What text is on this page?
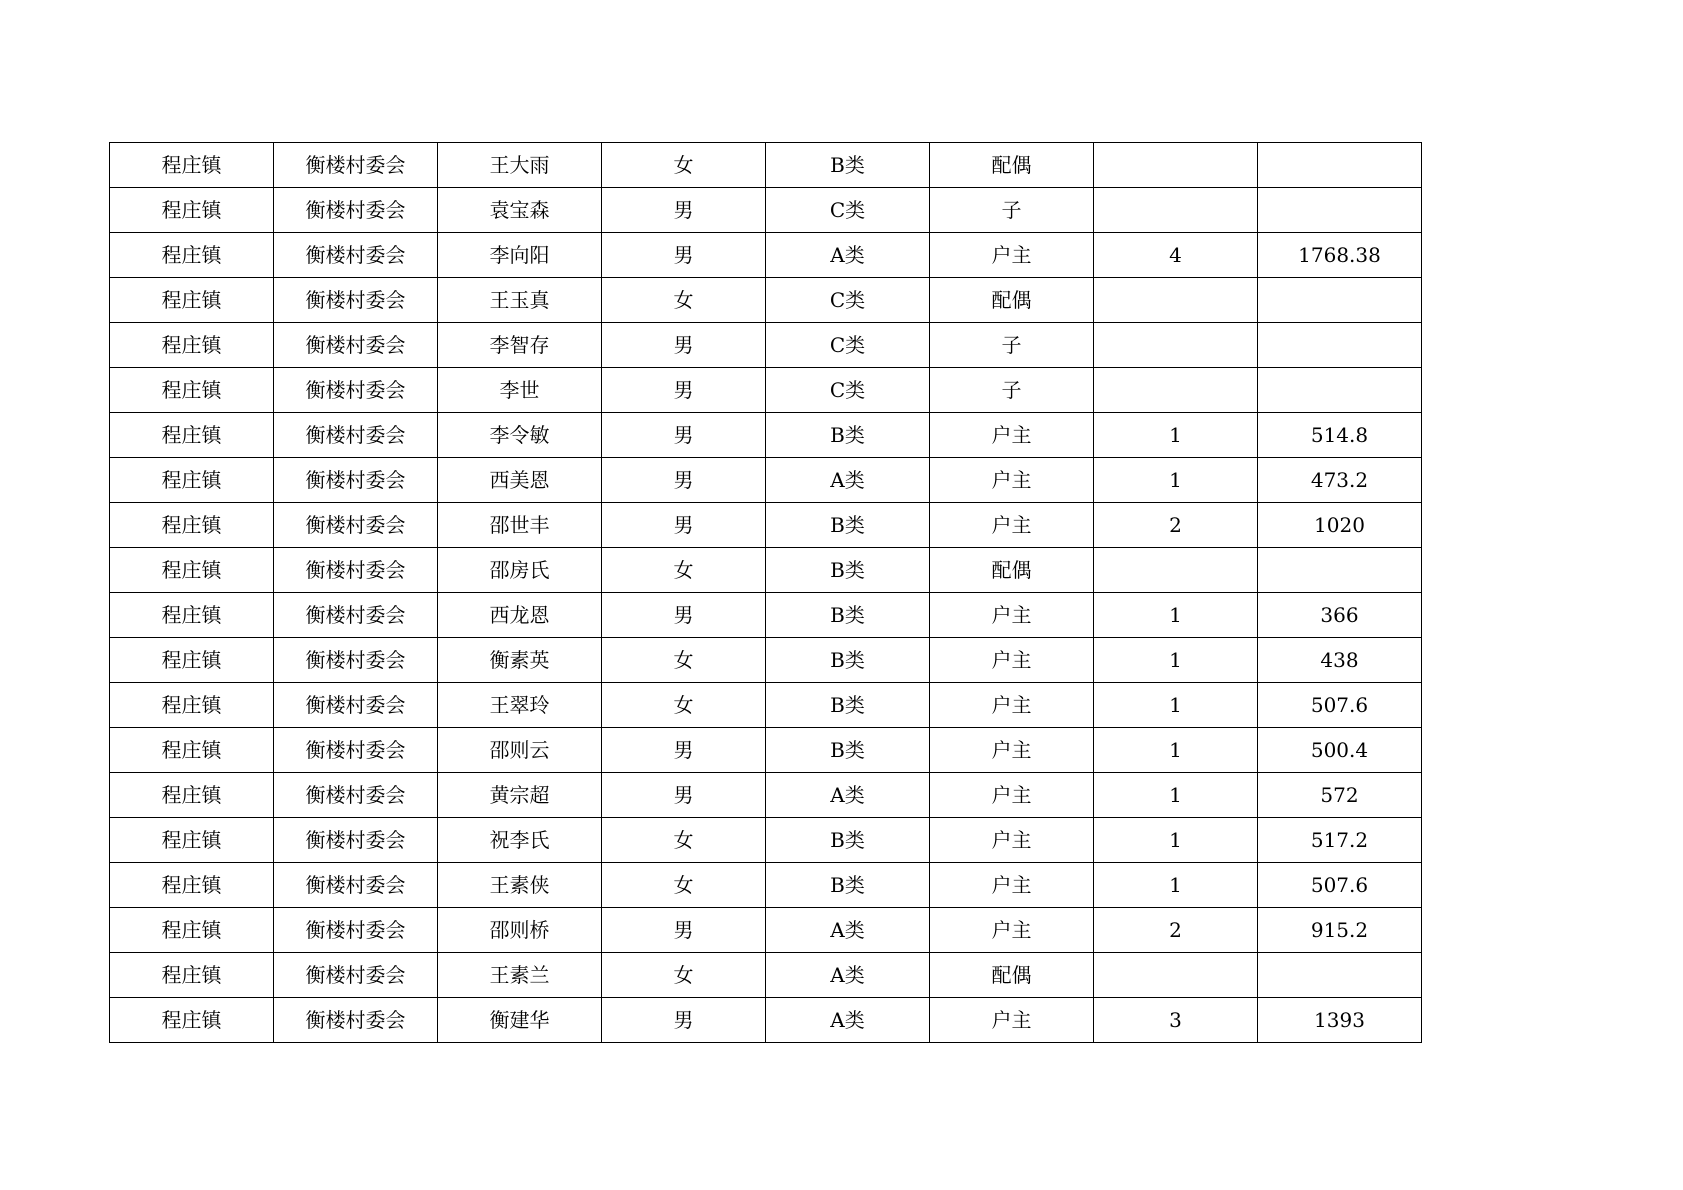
程庄镇	衡楼村委会	王大雨	女	B类	配偶		
程庄镇	衡楼村委会	袁宝森	男	C类	子		
程庄镇	衡楼村委会	李向阳	男	A类	户主	4	1768.38
程庄镇	衡楼村委会	王玉真	女	C类	配偶		
程庄镇	衡楼村委会	李智存	男	C类	子		
程庄镇	衡楼村委会	李世	男	C类	子		
程庄镇	衡楼村委会	李令敏	男	B类	户主	1	514.8
程庄镇	衡楼村委会	西美恩	男	A类	户主	1	473.2
程庄镇	衡楼村委会	邵世丰	男	B类	户主	2	1020
程庄镇	衡楼村委会	邵房氏	女	B类	配偶		
程庄镇	衡楼村委会	西龙恩	男	B类	户主	1	366
程庄镇	衡楼村委会	衡素英	女	B类	户主	1	438
程庄镇	衡楼村委会	王翠玲	女	B类	户主	1	507.6
程庄镇	衡楼村委会	邵则云	男	B类	户主	1	500.4
程庄镇	衡楼村委会	黄宗超	男	A类	户主	1	572
程庄镇	衡楼村委会	祝李氏	女	B类	户主	1	517.2
程庄镇	衡楼村委会	王素侠	女	B类	户主	1	507.6
程庄镇	衡楼村委会	邵则桥	男	A类	户主	2	915.2
程庄镇	衡楼村委会	王素兰	女	A类	配偶		
程庄镇	衡楼村委会	衡建华	男	A类	户主	3	1393
